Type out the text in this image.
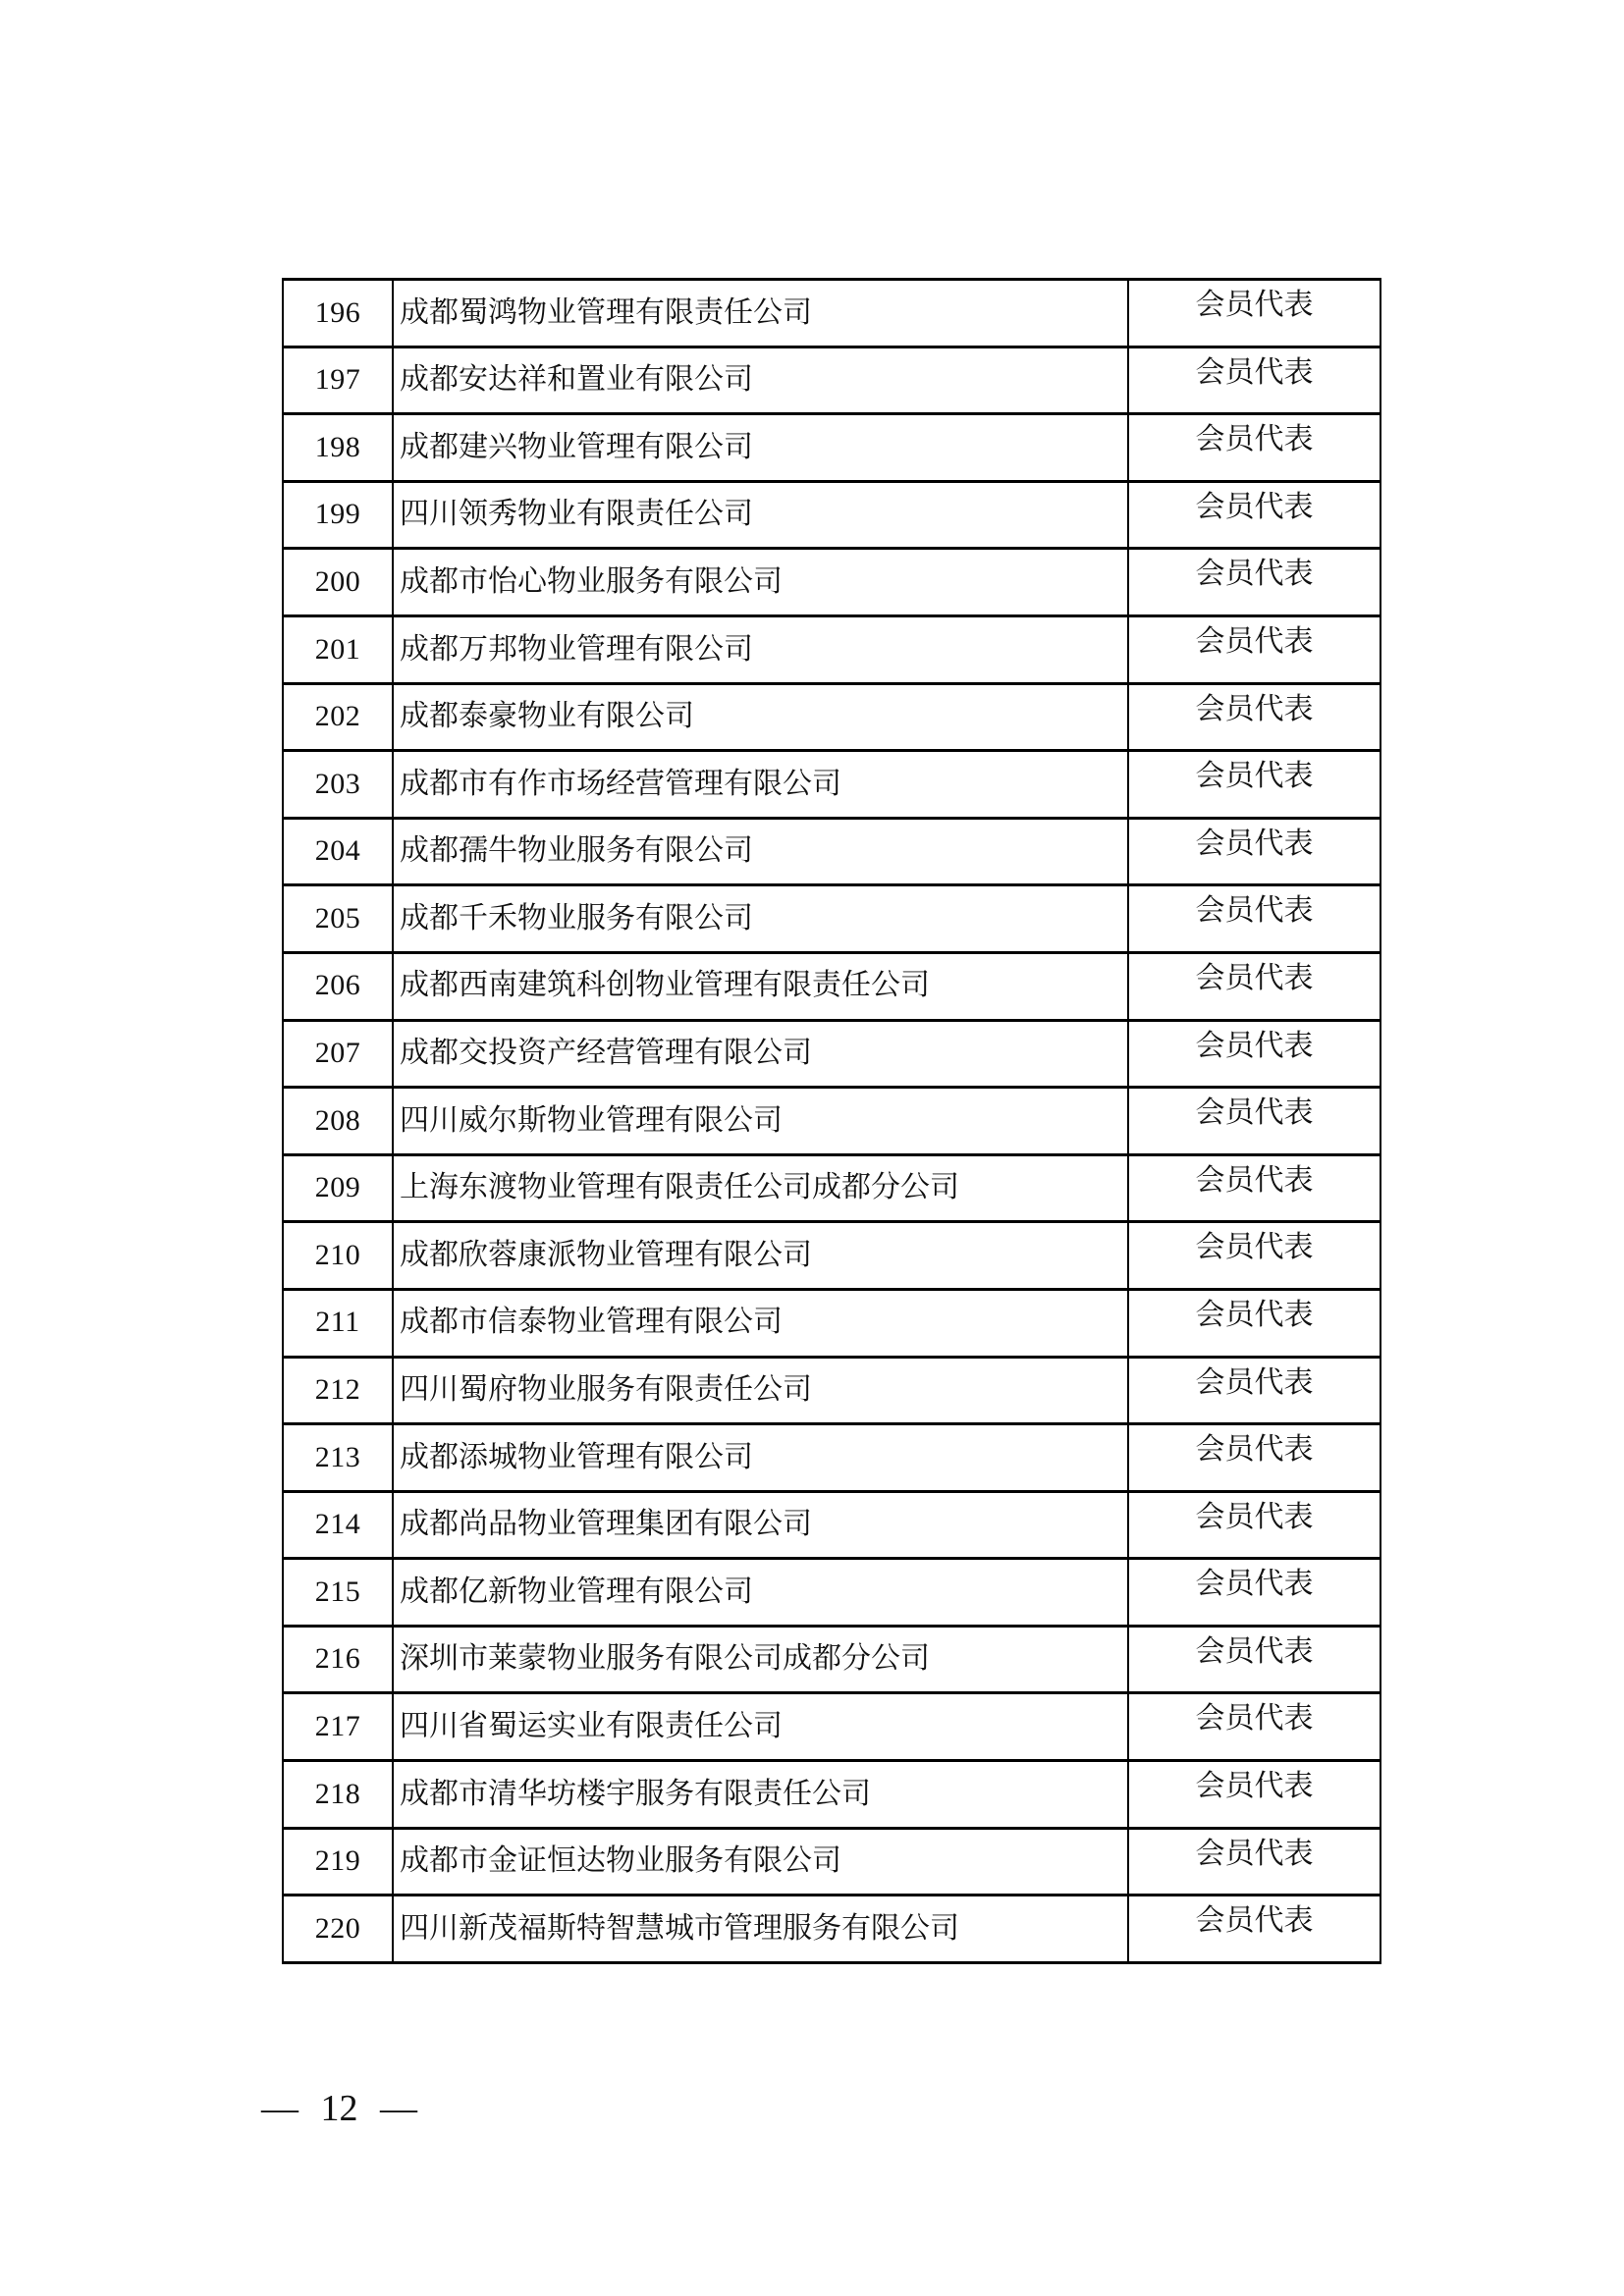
196	成都蜀鸿物业管理有限责任公司	会员代表
197	成都安达祥和置业有限公司	会员代表
198	成都建兴物业管理有限公司	会员代表
199	四川领秀物业有限责任公司	会员代表
200	成都市怡心物业服务有限公司	会员代表
201	成都万邦物业管理有限公司	会员代表
202	成都泰豪物业有限公司	会员代表
203	成都市有作市场经营管理有限公司	会员代表
204	成都孺牛物业服务有限公司	会员代表
205	成都千禾物业服务有限公司	会员代表
206	成都西南建筑科创物业管理有限责任公司	会员代表
207	成都交投资产经营管理有限公司	会员代表
208	四川威尔斯物业管理有限公司	会员代表
209	上海东渡物业管理有限责任公司成都分公司	会员代表
210	成都欣蓉康派物业管理有限公司	会员代表
211	成都市信泰物业管理有限公司	会员代表
212	四川蜀府物业服务有限责任公司	会员代表
213	成都添城物业管理有限公司	会员代表
214	成都尚品物业管理集团有限公司	会员代表
215	成都亿新物业管理有限公司	会员代表
216	深圳市莱蒙物业服务有限公司成都分公司	会员代表
217	四川省蜀运实业有限责任公司	会员代表
218	成都市清华坊楼宇服务有限责任公司	会员代表
219	成都市金证恒达物业服务有限公司	会员代表
220	四川新茂福斯特智慧城市管理服务有限公司	会员代表
— 12 —
